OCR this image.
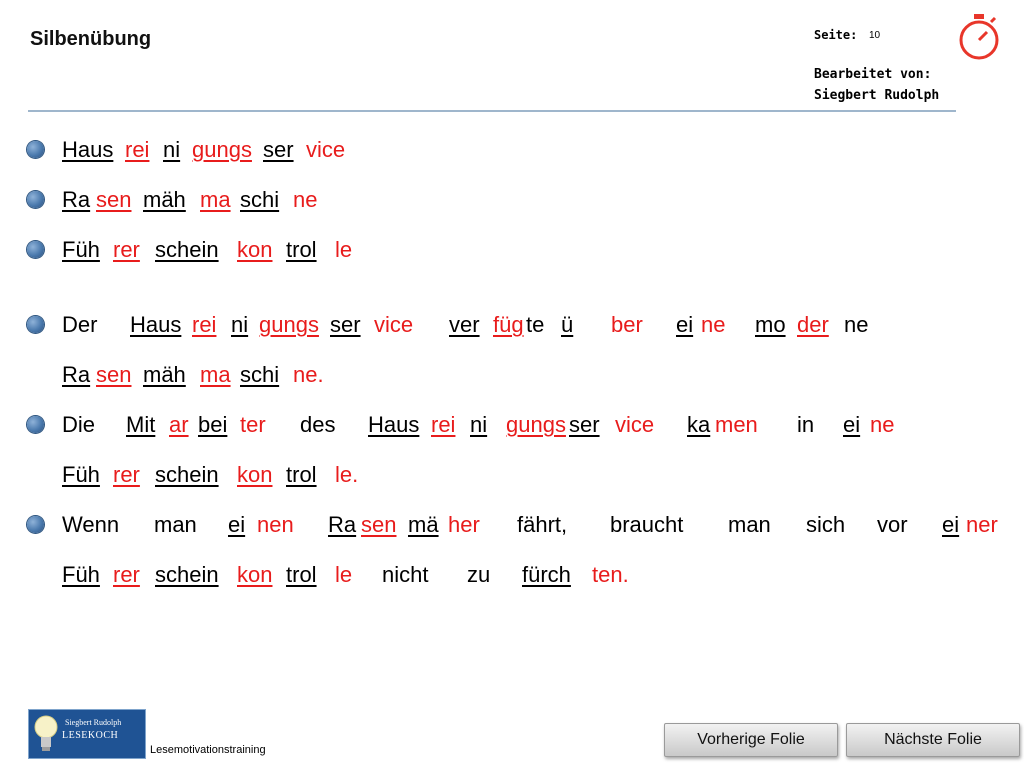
Silbenübung	Seite: 10
Bearbeitet von:
Siegbert Rudolph
Haus rei ni gungs ser vice
Ra sen mäh ma schi ne
Füh rer schein kon trol le
Der Haus rei ni gungs ser vice ver füg te ü ber ei ne mo der ne
Ra sen mäh ma schi ne.
Die Mit ar bei ter des Haus rei ni gungs ser vice ka men in ei ne
Füh rer schein kon trol le.
Wenn man ei nen Ra sen mä her fährt, braucht man sich vor ei ner
Füh rer schein kon trol le nicht zu fürch ten.
Siegbert Rudolph
LESEKOCH
Lesemotivationstraining
Vorherige Folie	Nächste Folie
